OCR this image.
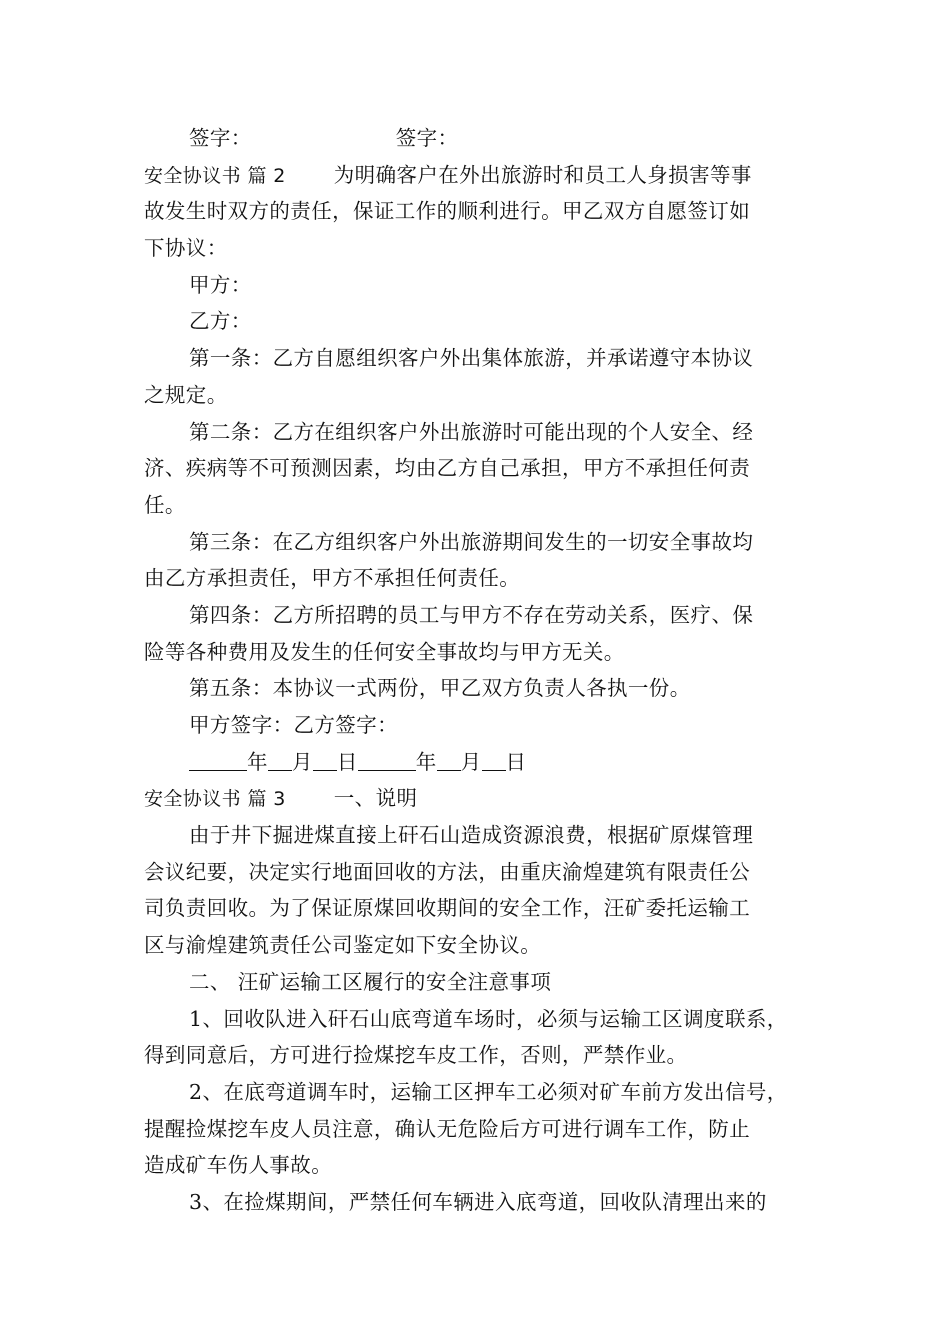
签字：	签字：
安全协议书 篇 2 为明确客户在外出旅游时和员工人身损害等事
故发生时双方的责任，保证工作的顺利进行。甲乙双方自愿签订如
下协议：
甲方：
乙方：
第一条：乙方自愿组织客户外出集体旅游，并承诺遵守本协议
之规定。
第二条：乙方在组织客户外出旅游时可能出现的个人安全、经
济、疾病等不可预测因素，均由乙方自己承担，甲方不承担任何责
任。
第三条：在乙方组织客户外出旅游期间发生的一切安全事故均
由乙方承担责任，甲方不承担任何责任。
第四条：乙方所招聘的员工与甲方不存在劳动关系，医疗、保
险等各种费用及发生的任何安全事故均与甲方无关。
第五条：本协议一式两份，甲乙双方负责人各执一份。
甲方签字：乙方签字：
年 月 日	年 月 日
安全协议书 篇 3 一、说明
由于井下掘进煤直接上矸石山造成资源浪费，根据矿原煤管理
会议纪要，决定实行地面回收的方法，由重庆渝煌建筑有限责任公
司负责回收。为了保证原煤回收期间的安全工作，汪矿委托运输工
区与渝煌建筑责任公司鉴定如下安全协议。
二、 汪矿运输工区履行的安全注意事项
1、回收队进入矸石山底弯道车场时，必须与运输工区调度联系，
得到同意后，方可进行捡煤挖车皮工作，否则，严禁作业。
2、在底弯道调车时，运输工区押车工必须对矿车前方发出信号，
提醒捡煤挖车皮人员注意，确认无危险后方可进行调车工作，防止
造成矿车伤人事故。
3、在捡煤期间，严禁任何车辆进入底弯道，回收队清理出来的
